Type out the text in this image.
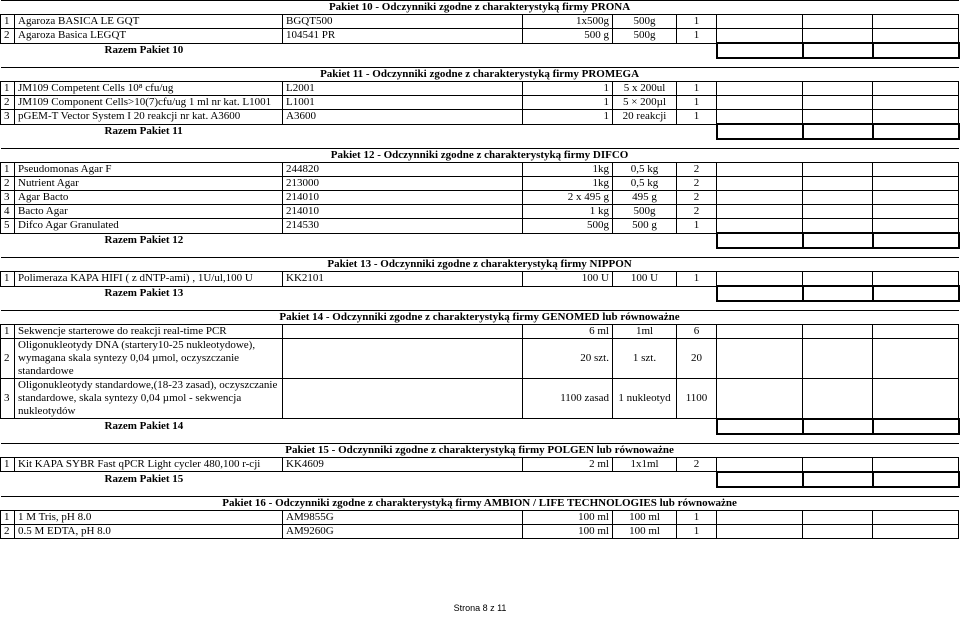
Pakiet 10 - Odczynniki zgodne z charakterystyką firmy PRONA								
1	Agaroza BASICA LE GQT	BGQT500	1x500g	500g	1			
2	Agaroza Basica LEGQT	104541 PR	500 g	500g	1			
	Razem Pakiet 10							

Pakiet 11 - Odczynniki zgodne z charakterystyką firmy PROMEGA								
1	JM109 Competent Cells 10⁸ cfu/ug	L2001	1	5 x 200ul	1			
2	JM109 Component Cells>10(7)cfu/ug 1 ml nr kat. L1001	L1001	1	5 × 200µl	1			
3	pGEM-T Vector System I 20 reakcji nr kat. A3600	A3600	1	20 reakcji	1			
	Razem Pakiet 11							

Pakiet 12 - Odczynniki zgodne z charakterystyką firmy DIFCO								
1	Pseudomonas Agar F	244820	1kg	0,5 kg	2			
2	Nutrient Agar	213000	1kg	0,5 kg	2			
3	Agar Bacto	214010	2 x 495 g	495 g	2			
4	Bacto Agar	214010	1 kg	500g	2			
5	Difco Agar Granulated	214530	500g	500 g	1			
	Razem Pakiet 12							

Pakiet 13 - Odczynniki zgodne z charakterystyką firmy NIPPON								
1	Polimeraza KAPA HIFI ( z dNTP-ami) , 1U/ul,100 U	KK2101	100 U	100 U	1			
	Razem Pakiet 13							

Pakiet 14 - Odczynniki zgodne z charakterystyką firmy GENOMED lub równoważne								
1	Sekwencje starterowe do reakcji real-time PCR		6 ml	1ml	6			
2	Oligonukleotydy DNA (startery10-25 nukleotydowe), wymagana skala syntezy 0,04 µmol, oczyszczanie standardowe		20 szt.	1 szt.	20			
3	Oligonukleotydy standardowe,(18-23 zasad), oczyszczanie standardowe, skala syntezy 0,04 µmol - sekwencja nukleotydów		1100 zasad	1 nukleotyd	1100			
	Razem Pakiet 14							

Pakiet 15 - Odczynniki zgodne z charakterystyką firmy POLGEN lub równoważne								
1	Kit KAPA SYBR Fast qPCR Light cycler 480,100 r-cji	KK4609	2 ml	1x1ml	2			
	Razem Pakiet 15							

Pakiet 16 - Odczynniki zgodne z charakterystyką firmy AMBION / LIFE TECHNOLOGIES lub równoważne								
1	1 M Tris, pH 8.0	AM9855G	100 ml	100 ml	1			
2	0.5 M EDTA, pH 8.0	AM9260G	100 ml	100 ml	1			
Strona 8 z 11
